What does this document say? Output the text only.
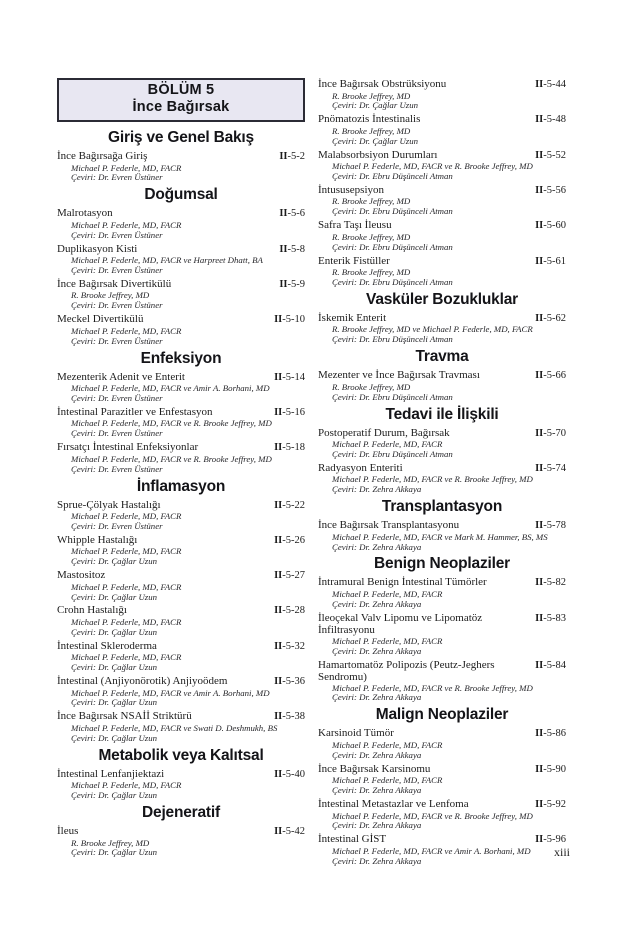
BÖLÜM 5
İnce Bağırsak
Giriş ve Genel Bakış
İnce Bağırsağa Giriş	II-5-2
Michael P. Federle, MD, FACR
Çeviri: Dr. Evren Üstüner
Doğumsal
Malrotasyon	II-5-6
Michael P. Federle, MD, FACR
Çeviri: Dr. Evren Üstüner
Duplikasyon Kisti	II-5-8
Michael P. Federle, MD, FACR ve Harpreet Dhatt, BA
Çeviri: Dr. Evren Üstüner
İnce Bağırsak Divertikülü	II-5-9
R. Brooke Jeffrey, MD
Çeviri: Dr. Evren Üstüner
Meckel Divertikülü	II-5-10
Michael P. Federle, MD, FACR
Çeviri: Dr. Evren Üstüner
Enfeksiyon
Mezenterik Adenit ve Enterit	II-5-14
Michael P. Federle, MD, FACR ve Amir A. Borhani, MD
Çeviri: Dr. Evren Üstüner
İntestinal Parazitler ve Enfestasyon	II-5-16
Michael P. Federle, MD, FACR ve R. Brooke Jeffrey, MD
Çeviri: Dr. Evren Üstüner
Fırsatçı İntestinal Enfeksiyonlar	II-5-18
Michael P. Federle, MD, FACR ve R. Brooke Jeffrey, MD
Çeviri: Dr. Evren Üstüner
İnflamasyon
Sprue-Çölyak Hastalığı	II-5-22
Michael P. Federle, MD, FACR
Çeviri: Dr. Evren Üstüner
Whipple Hastalığı	II-5-26
Michael P. Federle, MD, FACR
Çeviri: Dr. Çağlar Uzun
Mastositoz	II-5-27
Michael P. Federle, MD, FACR
Çeviri: Dr. Çağlar Uzun
Crohn Hastalığı	II-5-28
Michael P. Federle, MD, FACR
Çeviri: Dr. Çağlar Uzun
İntestinal Skleroderma	II-5-32
Michael P. Federle, MD, FACR
Çeviri: Dr. Çağlar Uzun
İntestinal (Anjiyonörotik) Anjiyoödem	II-5-36
Michael P. Federle, MD, FACR ve Amir A. Borhani, MD
Çeviri: Dr. Çağlar Uzun
İnce Bağırsak NSAİİ Striktürü	II-5-38
Michael P. Federle, MD, FACR ve Swati D. Deshmukh, BS
Çeviri: Dr. Çağlar Uzun
Metabolik veya Kalıtsal
İntestinal Lenfanjiektazi	II-5-40
Michael P. Federle, MD, FACR
Çeviri: Dr. Çağlar Uzun
Dejeneratif
İleus	II-5-42
R. Brooke Jeffrey, MD
Çeviri: Dr. Çağlar Uzun
İnce Bağırsak Obstrüksiyonu	II-5-44
R. Brooke Jeffrey, MD
Çeviri: Dr. Çağlar Uzun
Pnömatozis İntestinalis	II-5-48
R. Brooke Jeffrey, MD
Çeviri: Dr. Çağlar Uzun
Malabsorbsiyon Durumları	II-5-52
Michael P. Federle, MD, FACR ve R. Brooke Jeffrey, MD
Çeviri: Dr. Ebru Düşünceli Atman
İntususepsiyon	II-5-56
R. Brooke Jeffrey, MD
Çeviri: Dr. Ebru Düşünceli Atman
Safra Taşı İleusu	II-5-60
R. Brooke Jeffrey, MD
Çeviri: Dr. Ebru Düşünceli Atman
Enterik Fistüller	II-5-61
R. Brooke Jeffrey, MD
Çeviri: Dr. Ebru Düşünceli Atman
Vasküler Bozukluklar
İskemik Enterit	II-5-62
R. Brooke Jeffrey, MD ve Michael P. Federle, MD, FACR
Çeviri: Dr. Ebru Düşünceli Atman
Travma
Mezenter ve İnce Bağırsak Travması	II-5-66
R. Brooke Jeffrey, MD
Çeviri: Dr. Ebru Düşünceli Atman
Tedavi ile İlişkili
Postoperatif Durum, Bağırsak	II-5-70
Michael P. Federle, MD, FACR
Çeviri: Dr. Ebru Düşünceli Atman
Radyasyon Enteriti	II-5-74
Michael P. Federle, MD, FACR ve R. Brooke Jeffrey, MD
Çeviri: Dr. Zehra Akkaya
Transplantasyon
İnce Bağırsak Transplantasyonu	II-5-78
Michael P. Federle, MD, FACR ve Mark M. Hammer, BS, MS
Çeviri: Dr. Zehra Akkaya
Benign Neoplaziler
İntramural Benign İntestinal Tümörler	II-5-82
Michael P. Federle, MD, FACR
Çeviri: Dr. Zehra Akkaya
İleoçekal Valv Lipomu ve Lipomatöz İnfiltrasyonu
II-5-83
Michael P. Federle, MD, FACR
Çeviri: Dr. Zehra Akkaya
Hamartomatöz Polipozis (Peutz-Jeghers Sendromu)
II-5-84
Michael P. Federle, MD, FACR ve R. Brooke Jeffrey, MD
Çeviri: Dr. Zehra Akkaya
Malign Neoplaziler
Karsinoid Tümör	II-5-86
Michael P. Federle, MD, FACR
Çeviri: Dr. Zehra Akkaya
İnce Bağırsak Karsinomu	II-5-90
Michael P. Federle, MD, FACR
Çeviri: Dr. Zehra Akkaya
İntestinal Metastazlar ve Lenfoma	II-5-92
Michael P. Federle, MD, FACR ve R. Brooke Jeffrey, MD
Çeviri: Dr. Zehra Akkaya
İntestinal GİST	II-5-96
Michael P. Federle, MD, FACR ve Amir A. Borhani, MD
Çeviri: Dr. Zehra Akkaya
xiii
